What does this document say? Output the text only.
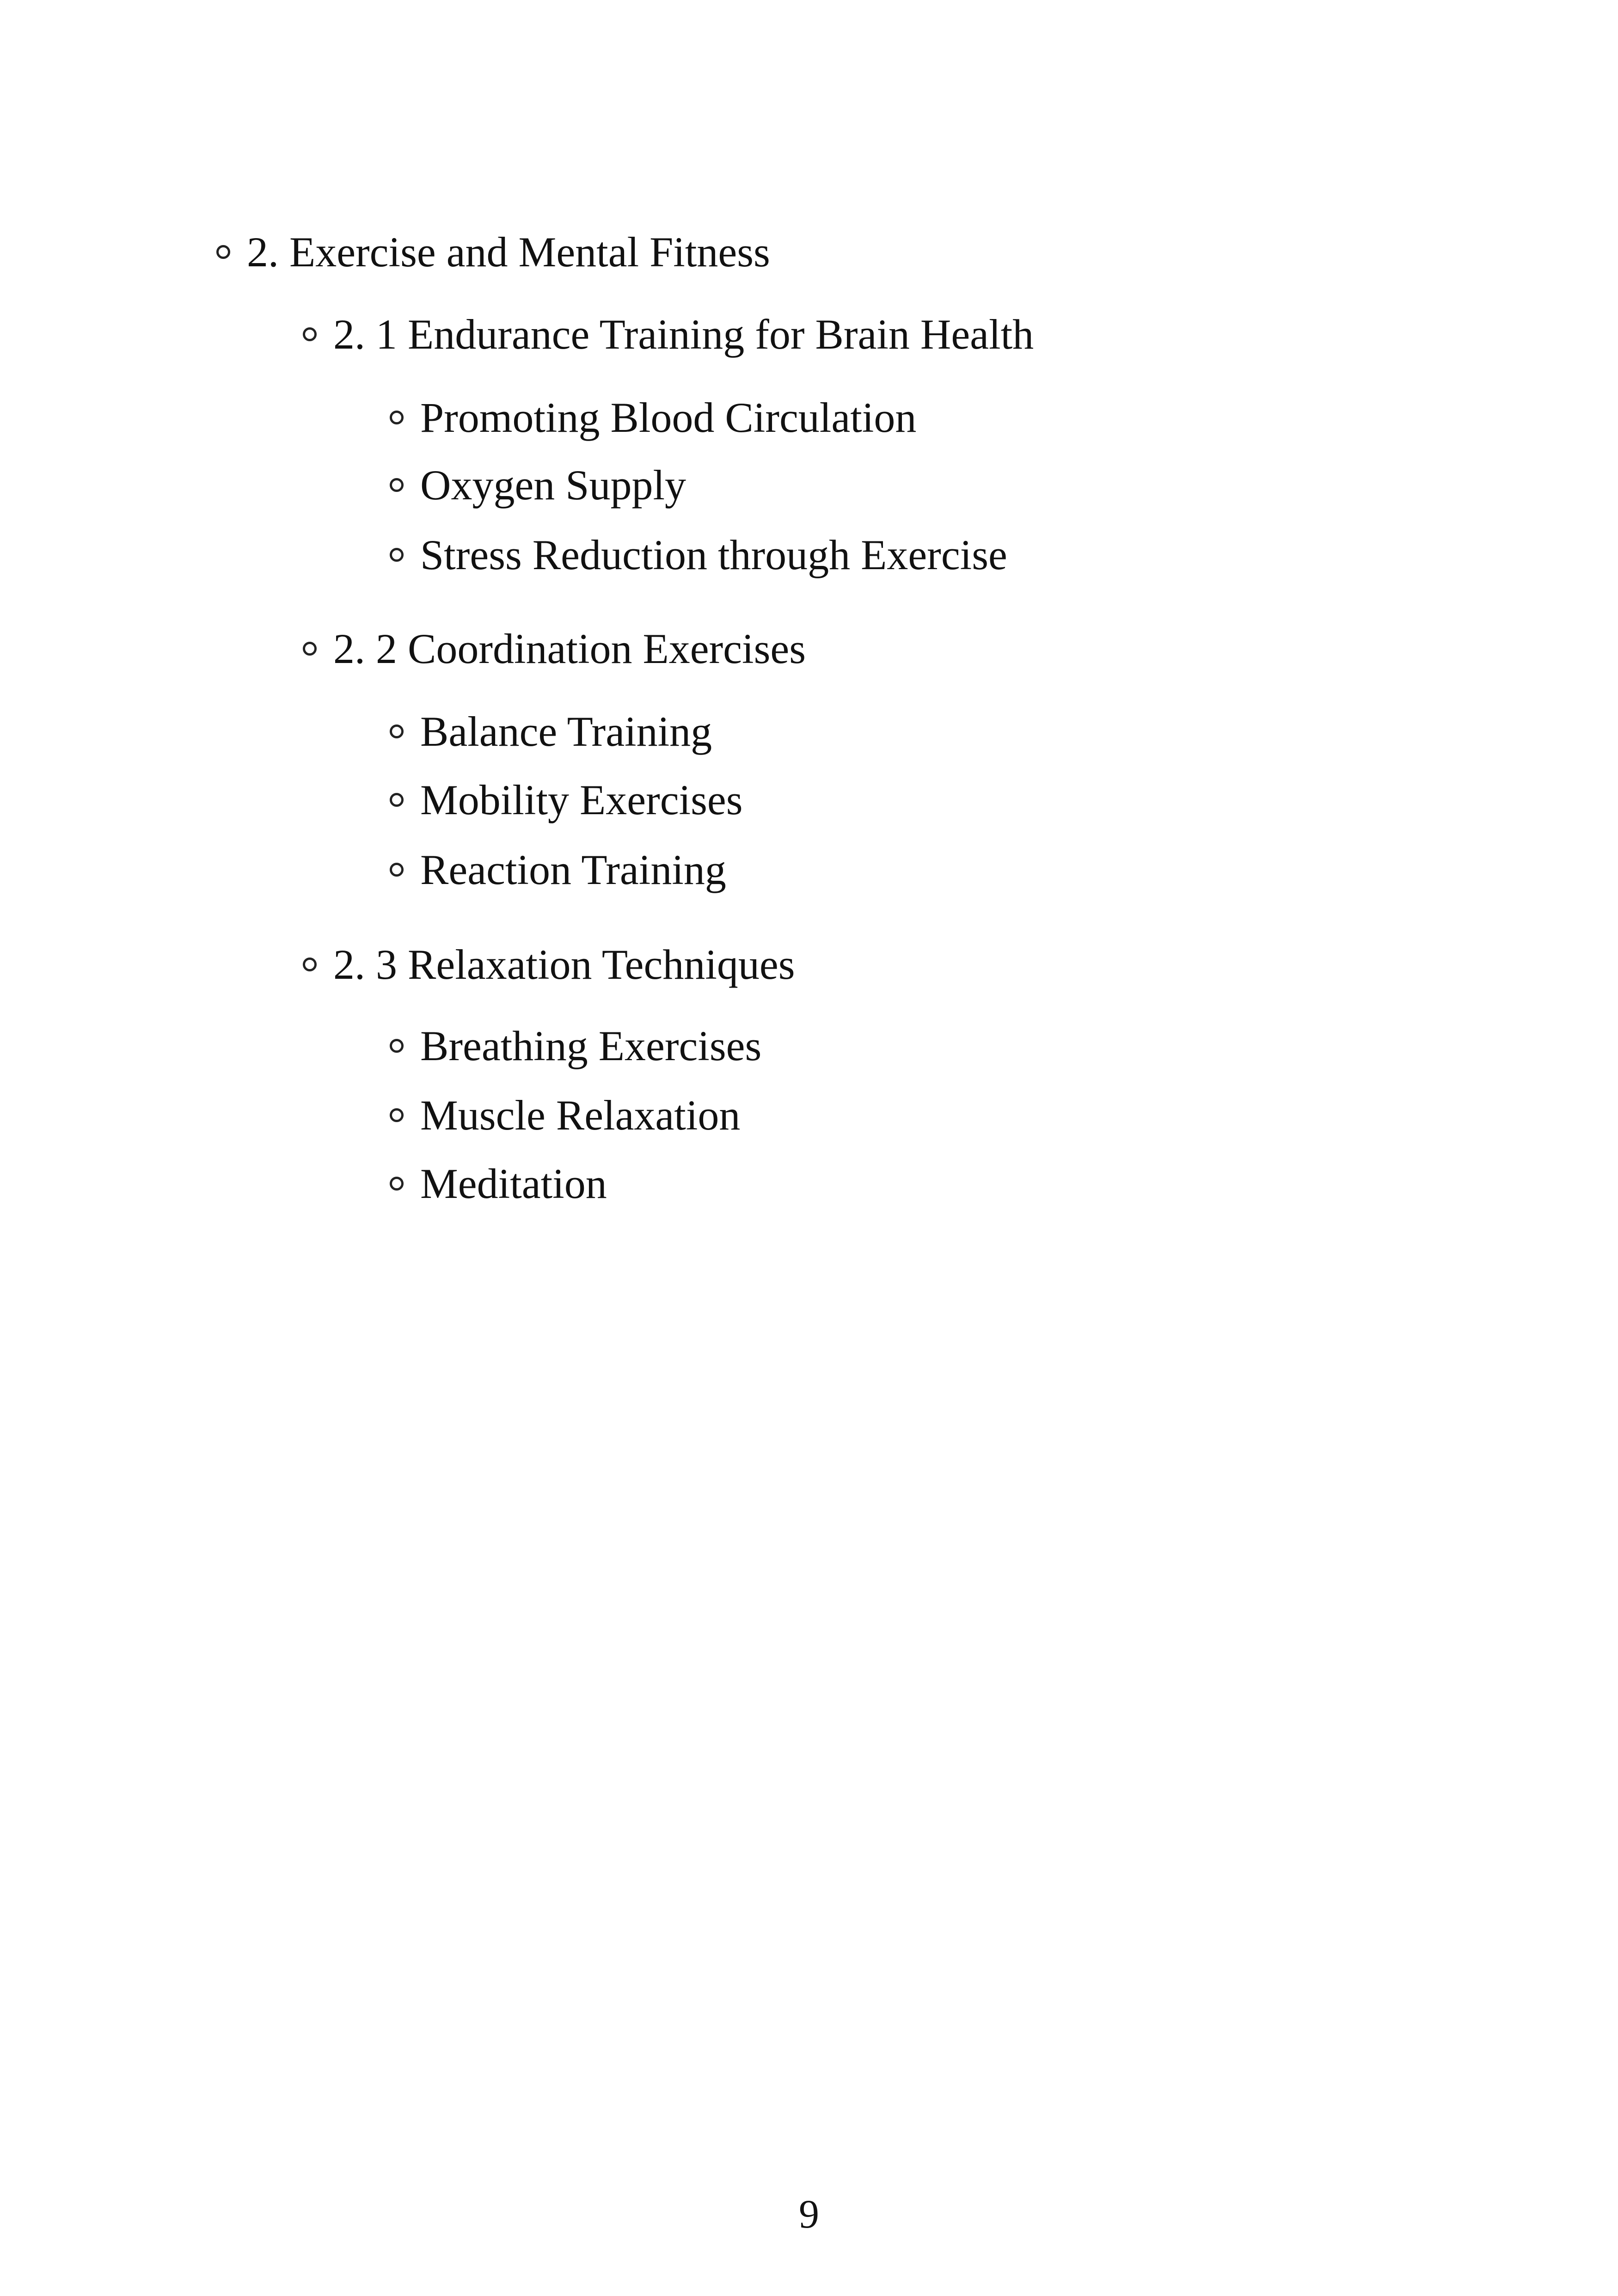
2. Exercise and Mental Fitness
2. 1 Endurance Training for Brain Health
Promoting Blood Circulation
Oxygen Supply
Stress Reduction through Exercise
2. 2 Coordination Exercises
Balance Training
Mobility Exercises
Reaction Training
2. 3 Relaxation Techniques
Breathing Exercises
Muscle Relaxation
Meditation
9
